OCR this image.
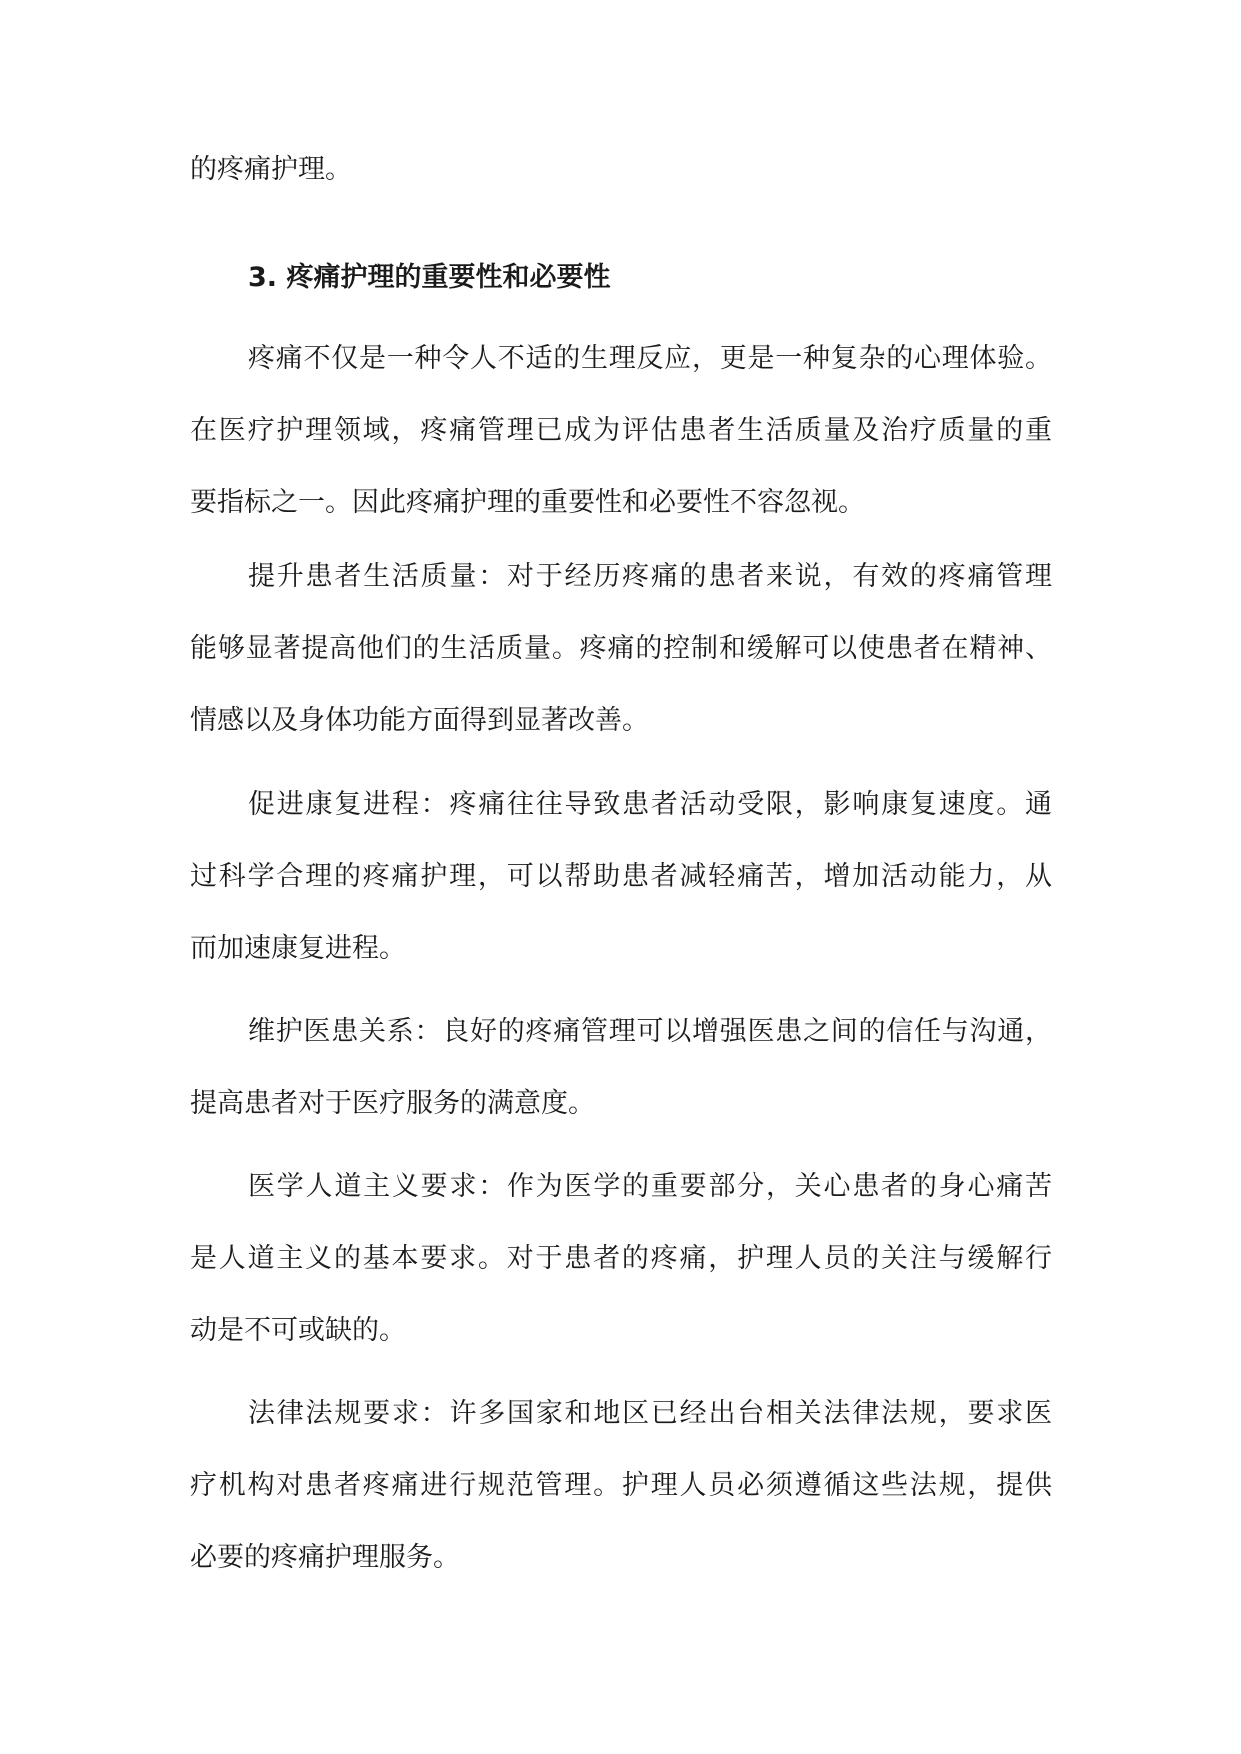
的疼痛护理。
3. 疼痛护理的重要性和必要性
疼痛不仅是一种令人不适的生理反应，更是一种复杂的心理体验。
在医疗护理领域，疼痛管理已成为评估患者生活质量及治疗质量的重
要指标之一。因此疼痛护理的重要性和必要性不容忽视。
提升患者生活质量：对于经历疼痛的患者来说，有效的疼痛管理
能够显著提高他们的生活质量。疼痛的控制和缓解可以使患者在精神、
情感以及身体功能方面得到显著改善。
促进康复进程：疼痛往往导致患者活动受限，影响康复速度。通
过科学合理的疼痛护理，可以帮助患者减轻痛苦，增加活动能力，从
而加速康复进程。
维护医患关系：良好的疼痛管理可以增强医患之间的信任与沟通，
提高患者对于医疗服务的满意度。
医学人道主义要求：作为医学的重要部分，关心患者的身心痛苦
是人道主义的基本要求。对于患者的疼痛，护理人员的关注与缓解行
动是不可或缺的。
法律法规要求：许多国家和地区已经出台相关法律法规，要求医
疗机构对患者疼痛进行规范管理。护理人员必须遵循这些法规，提供
必要的疼痛护理服务。
